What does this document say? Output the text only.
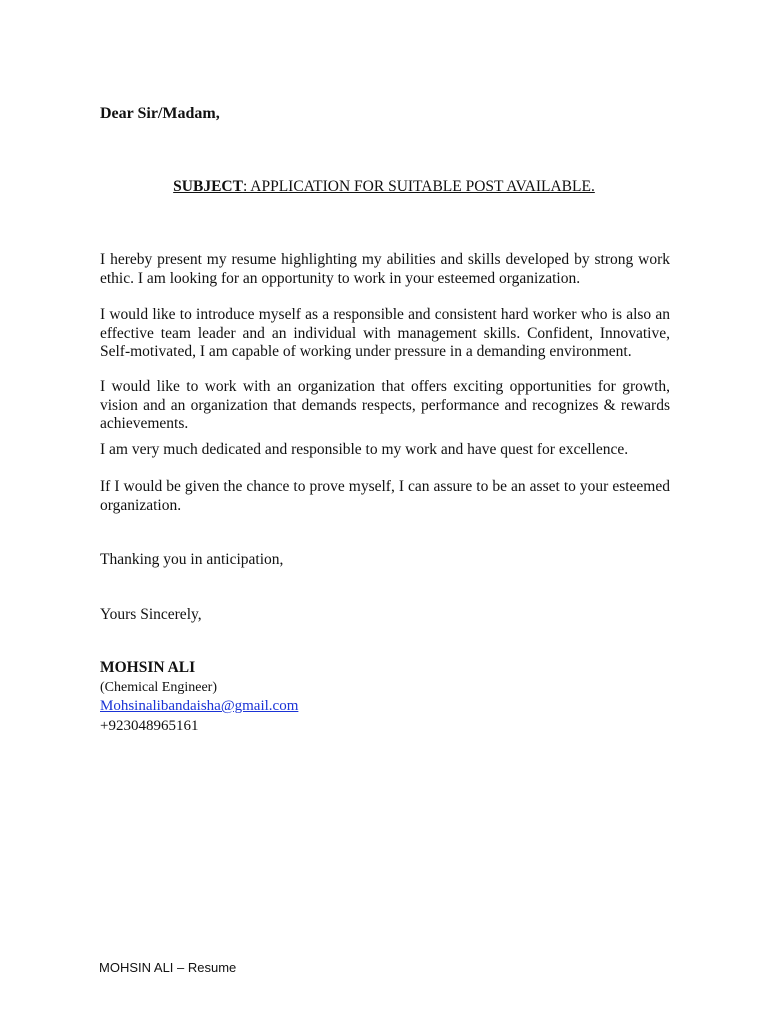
Dear Sir/Madam,
SUBJECT: APPLICATION FOR SUITABLE POST AVAILABLE.

I hereby present my resume highlighting my abilities and skills developed by strong work ethic. I am looking for an opportunity to work in your esteemed organization.

I would like to introduce myself as a responsible and consistent hard worker who is also an effective team leader and an individual with management skills. Confident, Innovative, Self-motivated, I am capable of working under pressure in a demanding environment.

I would like to work with an organization that offers exciting opportunities for growth, vision and an organization that demands respects, performance and recognizes & rewards achievements.

I am very much dedicated and responsible to my work and have quest for excellence.

If I would be given the chance to prove myself, I can assure to be an asset to your esteemed organization.

Thanking you in anticipation,
Yours Sincerely,
MOHSIN ALI
(Chemical Engineer)
Mohsinalibandaisha@gmail.com
+923048965161
MOHSIN ALI – Resume
